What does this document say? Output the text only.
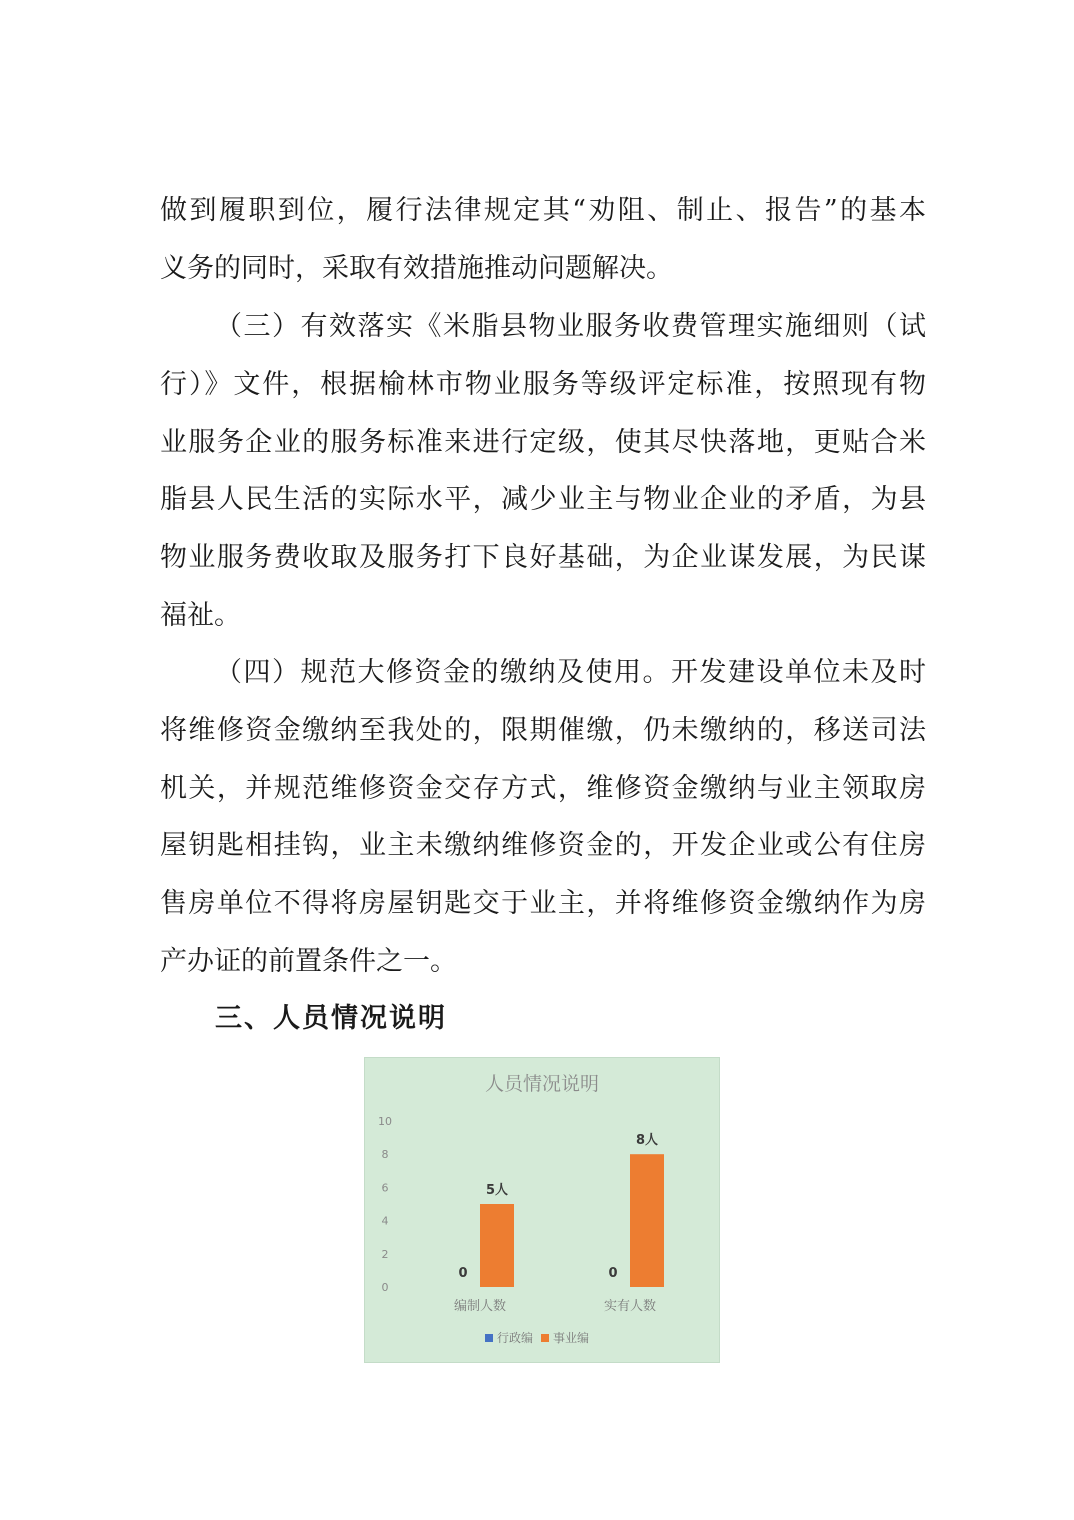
做到履职到位，履行法律规定其“劝阻、制止、报告”的基本
义务的同时，采取有效措施推动问题解决。
（三）有效落实《米脂县物业服务收费管理实施细则（试
行）》文件，根据榆林市物业服务等级评定标准，按照现有物
业服务企业的服务标准来进行定级，使其尽快落地，更贴合米
脂县人民生活的实际水平，减少业主与物业企业的矛盾，为县
物业服务费收取及服务打下良好基础，为企业谋发展，为民谋
福祉。
（四）规范大修资金的缴纳及使用。开发建设单位未及时
将维修资金缴纳至我处的，限期催缴，仍未缴纳的，移送司法
机关，并规范维修资金交存方式，维修资金缴纳与业主领取房
屋钥匙相挂钩，业主未缴纳维修资金的，开发企业或公有住房
售房单位不得将房屋钥匙交于业主，并将维修资金缴纳作为房
产办证的前置条件之一。
三、人员情况说明
人员情况说明
0
2
4
6
8
10
0
5人
0
8人
编制人数	实有人数
行政编 事业编
